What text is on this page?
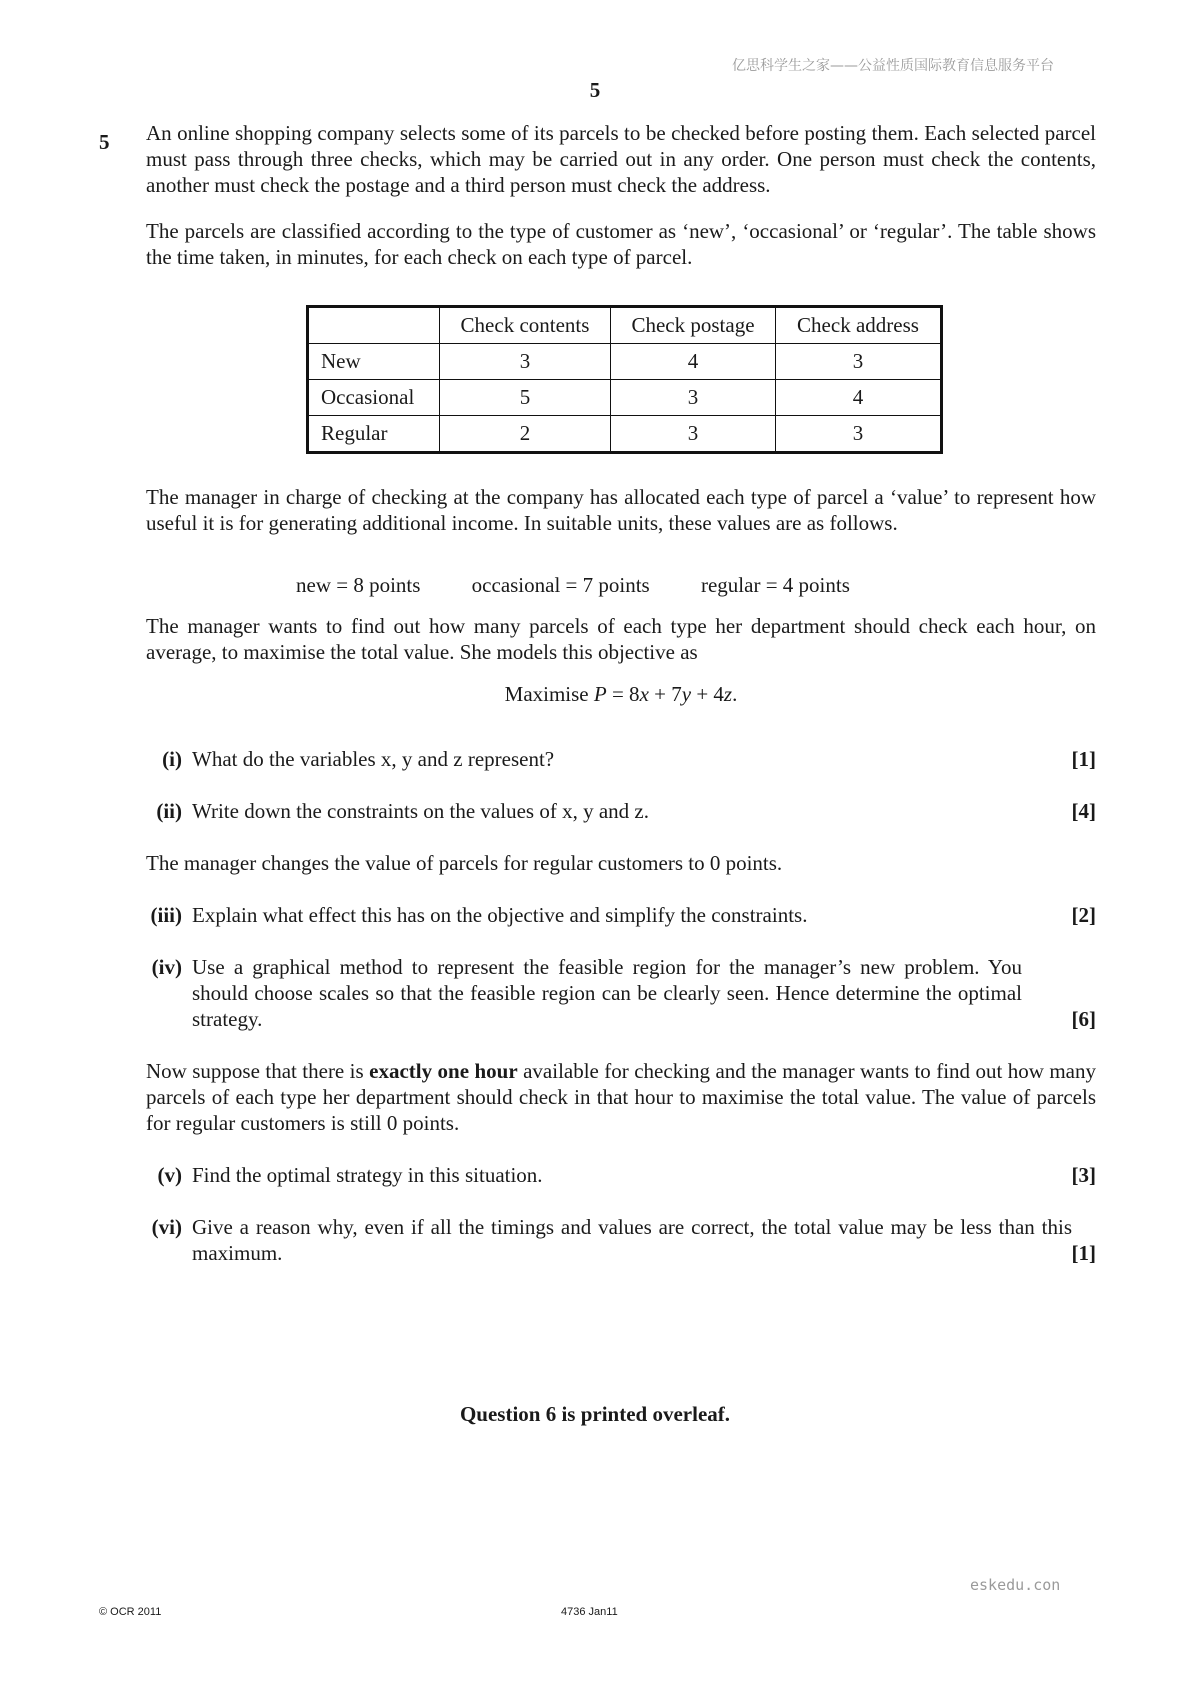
亿思科学生之家——公益性质国际教育信息服务平台
5
5 An online shopping company selects some of its parcels to be checked before posting them. Each selected parcel must pass through three checks, which may be carried out in any order. One person must check the contents, another must check the postage and a third person must check the address.
The parcels are classified according to the type of customer as ‘new’, ‘occasional’ or ‘regular’. The table shows the time taken, in minutes, for each check on each type of parcel.
	Check contents	Check postage	Check address
New	3	4	3
Occasional	5	3	4
Regular	2	3	3
The manager in charge of checking at the company has allocated each type of parcel a ‘value’ to represent how useful it is for generating additional income. In suitable units, these values are as follows.
new = 8 points occasional = 7 points regular = 4 points
The manager wants to find out how many parcels of each type her department should check each hour, on average, to maximise the total value. She models this objective as
Maximise P = 8x + 7y + 4z.
(i) What do the variables x, y and z represent?	[1]
(ii) Write down the constraints on the values of x, y and z.	[4]
The manager changes the value of parcels for regular customers to 0 points.
(iii) Explain what effect this has on the objective and simplify the constraints.	[2]
(iv) Use a graphical method to represent the feasible region for the manager’s new problem. You should choose scales so that the feasible region can be clearly seen. Hence determine the optimal strategy.	[6]
Now suppose that there is exactly one hour available for checking and the manager wants to find out how many parcels of each type her department should check in that hour to maximise the total value. The value of parcels for regular customers is still 0 points.
(v) Find the optimal strategy in this situation.	[3]
(vi) Give a reason why, even if all the timings and values are correct, the total value may be less than this maximum.	[1]
Question 6 is printed overleaf.
eskedu.con
© OCR 2011	4736 Jan11
